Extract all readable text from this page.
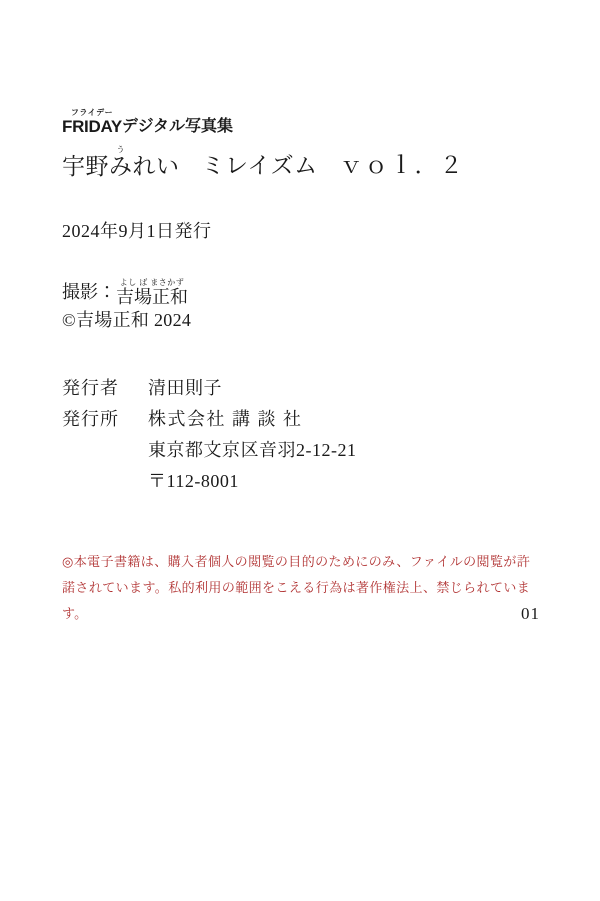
フライデー
FRIDAY デジタル写真集
う
宇野みれい ミレイズム ｖｏｌ．２
2024年9月1日発行
撮影： よし ば まさかず
吉場正和
©吉場正和 2024
発行者	清田則子
発行所	株式会社 講 談 社
東京都文京区音羽2-12-21
〒112-8001
◎本電子書籍は、購入者個人の閲覧の目的のためにのみ、ファイルの閲覧が許諾されています。私的利用の範囲をこえる行為は著作権法上、禁じられています。	01
